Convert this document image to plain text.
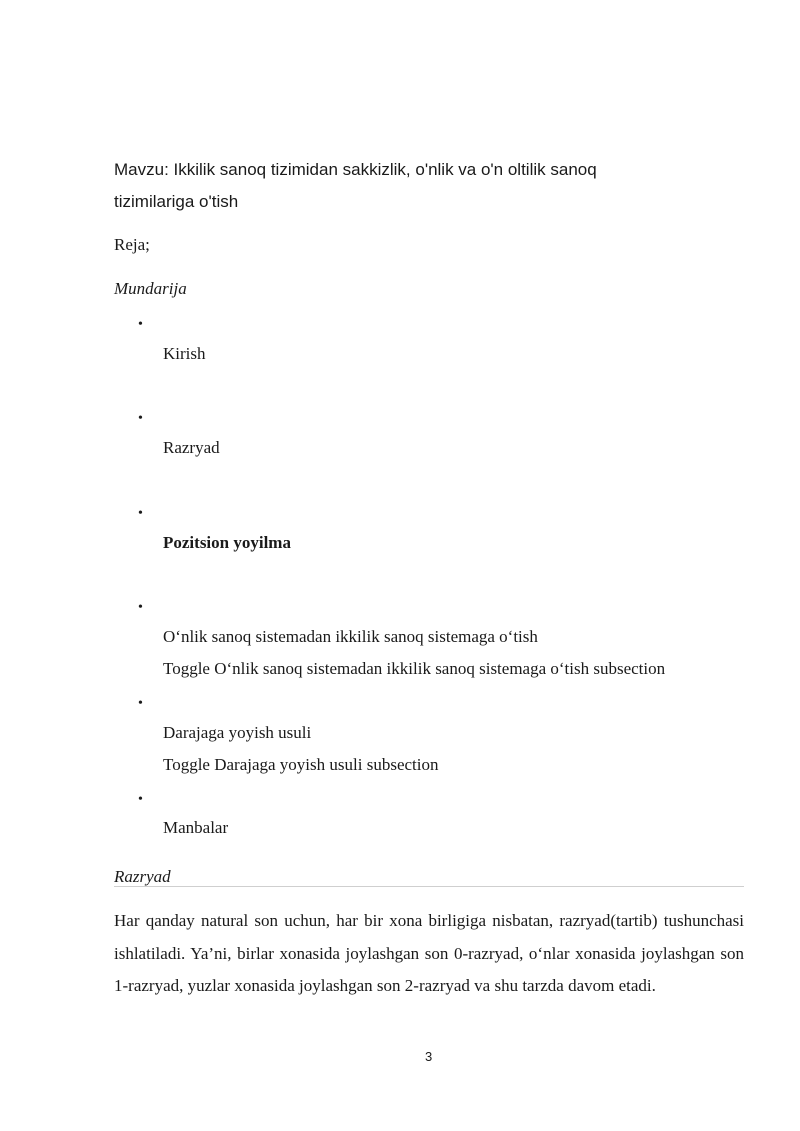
Mavzu: Ikkilik sanoq tizimidan sakkizlik, o'nlik va o'n oltilik sanoq
tizimilariga o'tish
Reja;
Mundarija
•
Kirish
•
Razryad
•
Pozitsion yoyilma
•
O‘nlik sanoq sistemadan ikkilik sanoq sistemaga o‘tish
Toggle O‘nlik sanoq sistemadan ikkilik sanoq sistemaga o‘tish subsection
•
Darajaga yoyish usuli
Toggle Darajaga yoyish usuli subsection
•
Manbalar
Razryad
Har qanday natural son uchun, har bir xona birligiga nisbatan, razryad(tartib) tushunchasi ishlatiladi. Ya’ni, birlar xonasida joylashgan son 0-razryad, o‘nlar xonasida joylashgan son 1-razryad, yuzlar xonasida joylashgan son 2-razryad va shu tarzda davom etadi.
3
